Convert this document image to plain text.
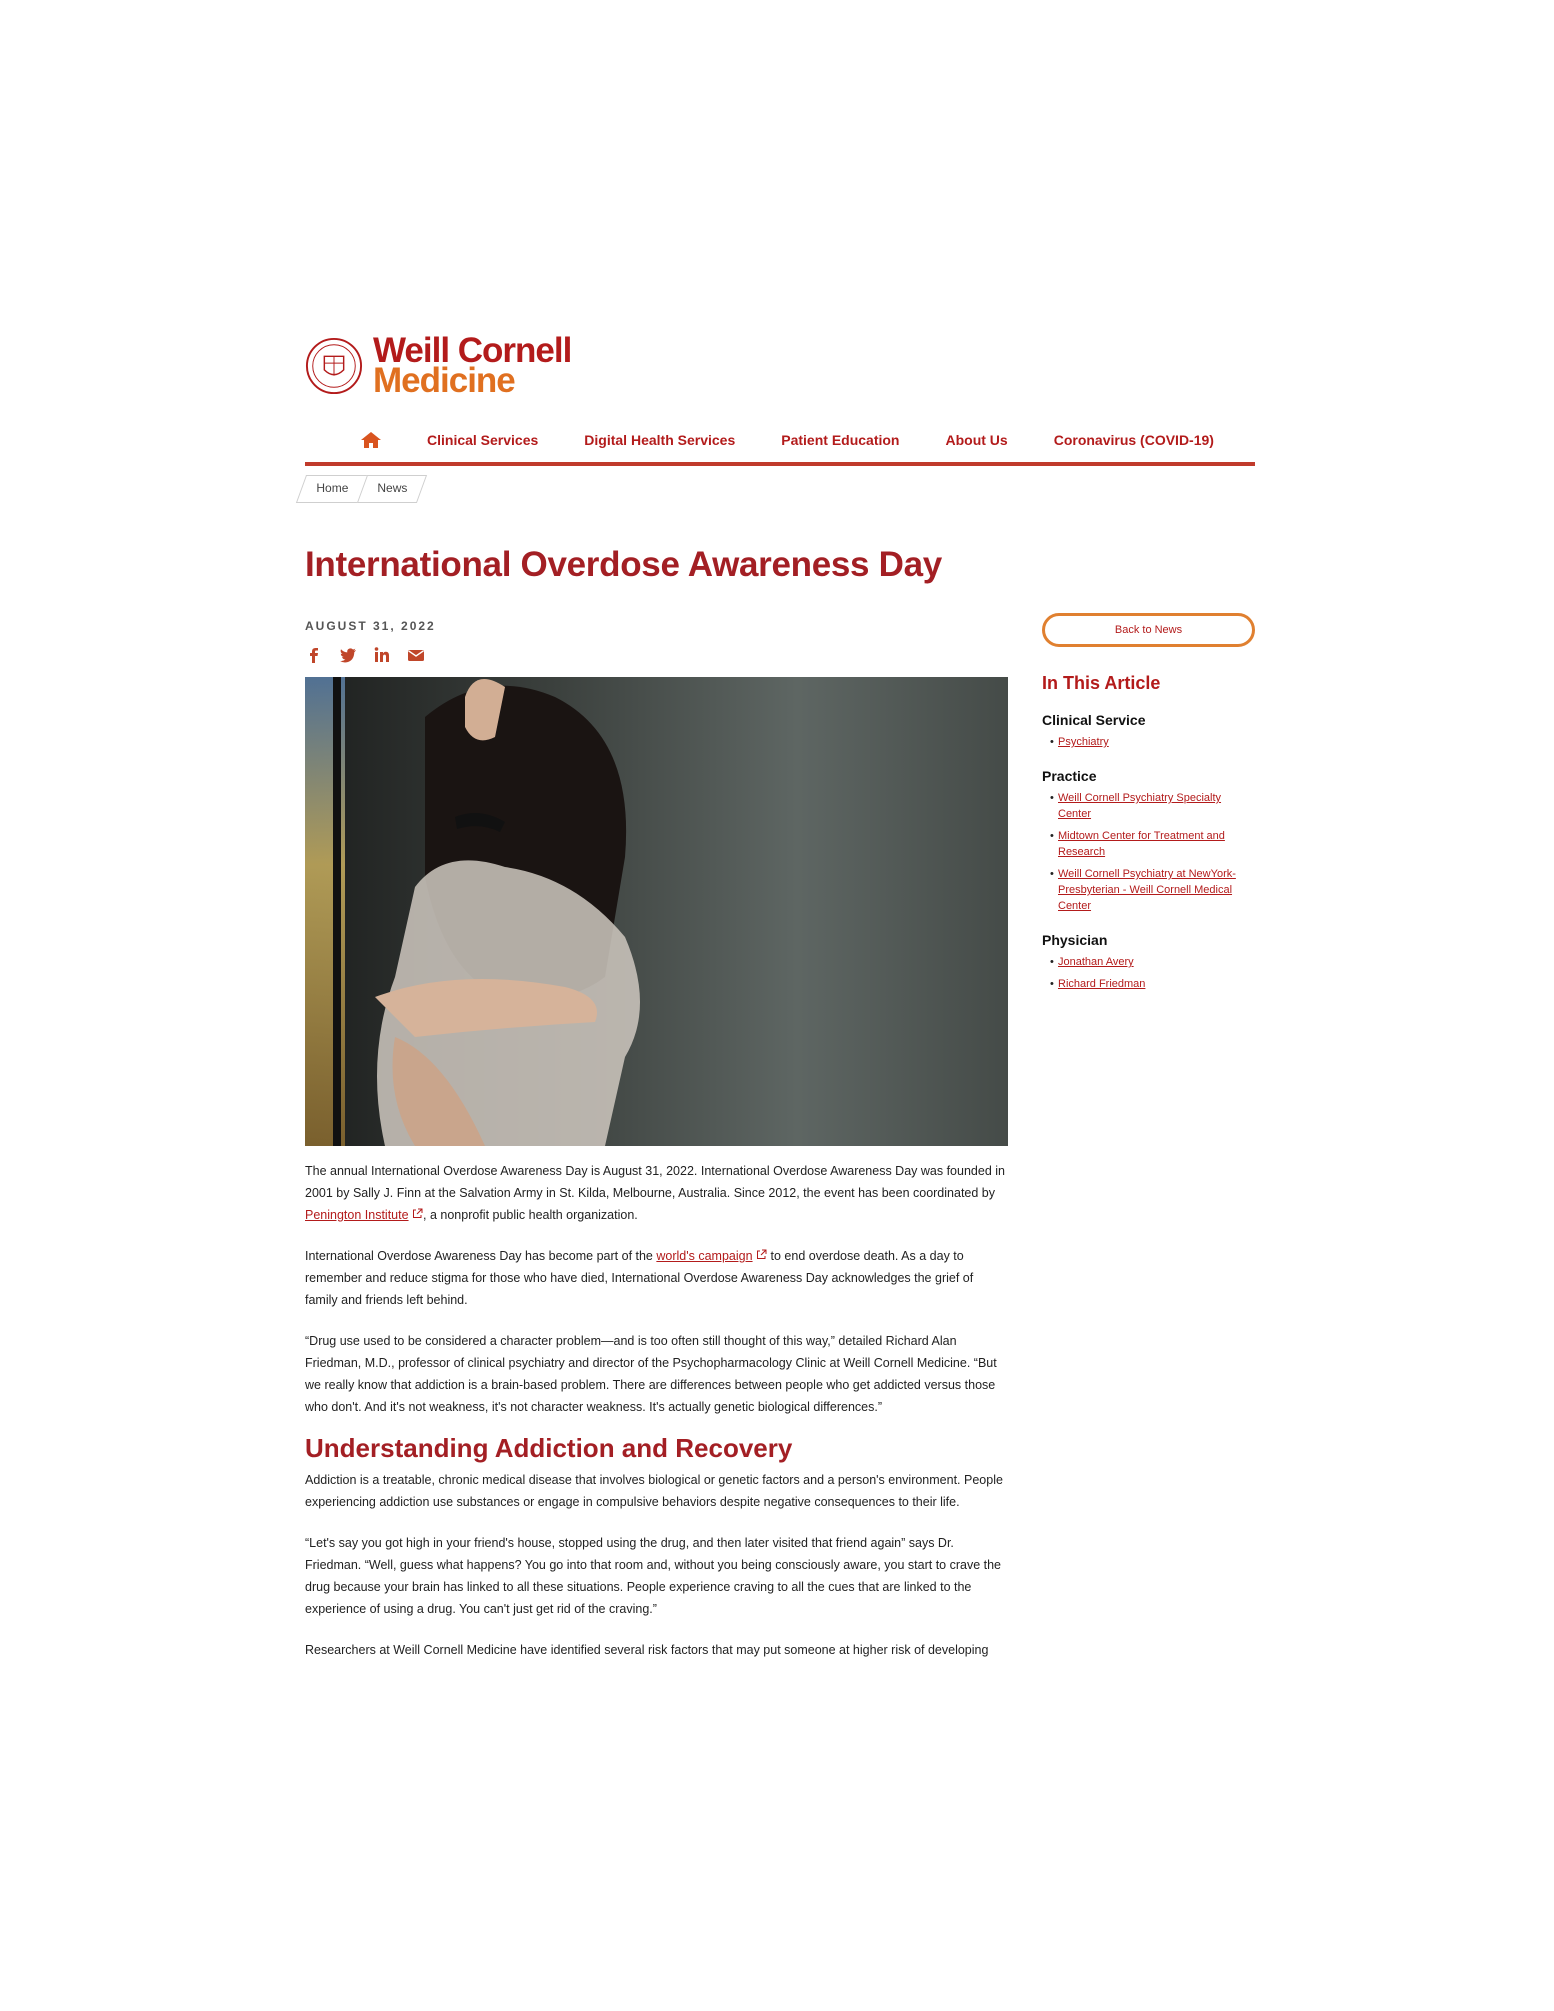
Weill Cornell
Medicine
Clinical Services	Digital Health Services	Patient Education	About Us	Coronavirus (COVID-19)
Home	News
International Overdose Awareness Day
AUGUST 31, 2022

The annual International Overdose Awareness Day is August 31, 2022. International Overdose Awareness Day was founded in 2001 by Sally J. Finn at the Salvation Army in St. Kilda, Melbourne, Australia. Since 2012, the event has been coordinated by Penington Institute , a nonprofit public health organization.

International Overdose Awareness Day has become part of the world's campaign  to end overdose death. As a day to remember and reduce stigma for those who have died, International Overdose Awareness Day acknowledges the grief of family and friends left behind.

“Drug use used to be considered a character problem—and is too often still thought of this way,” detailed Richard Alan Friedman, M.D., professor of clinical psychiatry and director of the Psychopharmacology Clinic at Weill Cornell Medicine. “But we really know that addiction is a brain-based problem. There are differences between people who get addicted versus those who don't. And it's not weakness, it's not character weakness. It's actually genetic biological differences.”

Understanding Addiction and Recovery

Addiction is a treatable, chronic medical disease that involves biological or genetic factors and a person's environment. People experiencing addiction use substances or engage in compulsive behaviors despite negative consequences to their life.

“Let's say you got high in your friend's house, stopped using the drug, and then later visited that friend again” says Dr. Friedman. “Well, guess what happens? You go into that room and, without you being consciously aware, you start to crave the drug because your brain has linked to all these situations. People experience craving to all the cues that are linked to the experience of using a drug. You can't just get rid of the craving.”

Researchers at Weill Cornell Medicine have identified several risk factors that may put someone at higher risk of developing

Back to News
In This Article
Clinical Service
• Psychiatry
Practice
• Weill Cornell Psychiatry Specialty Center
• Midtown Center for Treatment and Research
• Weill Cornell Psychiatry at NewYork-Presbyterian - Weill Cornell Medical Center
Physician
• Jonathan Avery
• Richard Friedman
